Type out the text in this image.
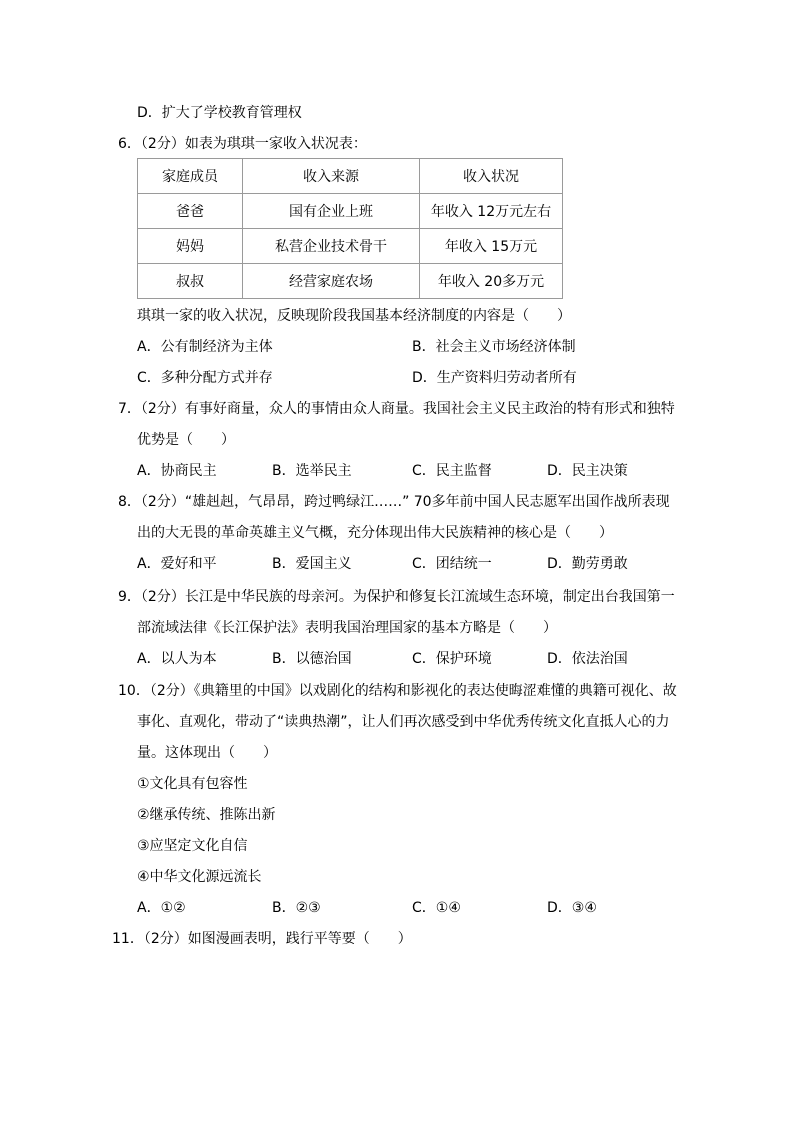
D．扩大了学校教育管理权
6．（2分）如表为琪琪一家收入状况表：
家庭成员	收入来源	收入状况
爸爸	国有企业上班	年收入 12万元左右
妈妈	私营企业技术骨干	年收入 15万元
叔叔	经营家庭农场	年收入 20多万元
琪琪一家的收入状况，反映现阶段我国基本经济制度的内容是（　　）
A．公有制经济为主体	B．社会主义市场经济体制
C．多种分配方式并存	D．生产资料归劳动者所有
7．（2分）有事好商量，众人的事情由众人商量。我国社会主义民主政治的特有形式和独特
优势是（　　）
A．协商民主	B．选举民主	C．民主监督	D．民主决策
8．（2分）“雄赳赳，气昂昂，跨过鸭绿江……” 70多年前中国人民志愿军出国作战所表现
出的大无畏的革命英雄主义气概，充分体现出伟大民族精神的核心是（　　）
A．爱好和平	B．爱国主义	C．团结统一	D．勤劳勇敢
9．（2分）长江是中华民族的母亲河。为保护和修复长江流域生态环境，制定出台我国第一
部流域法律《长江保护法》表明我国治理国家的基本方略是（　　）
A．以人为本	B．以德治国	C．保护环境	D．依法治国
10．（2分）《典籍里的中国》以戏剧化的结构和影视化的表达使晦涩难懂的典籍可视化、故
事化、直观化，带动了“读典热潮”，让人们再次感受到中华优秀传统文化直抵人心的力
量。这体现出（　　）
①文化具有包容性
②继承传统、推陈出新
③应坚定文化自信
④中华文化源远流长
A．①②	B．②③	C．①④	D．③④
11．（2分）如图漫画表明，践行平等要（　　）
